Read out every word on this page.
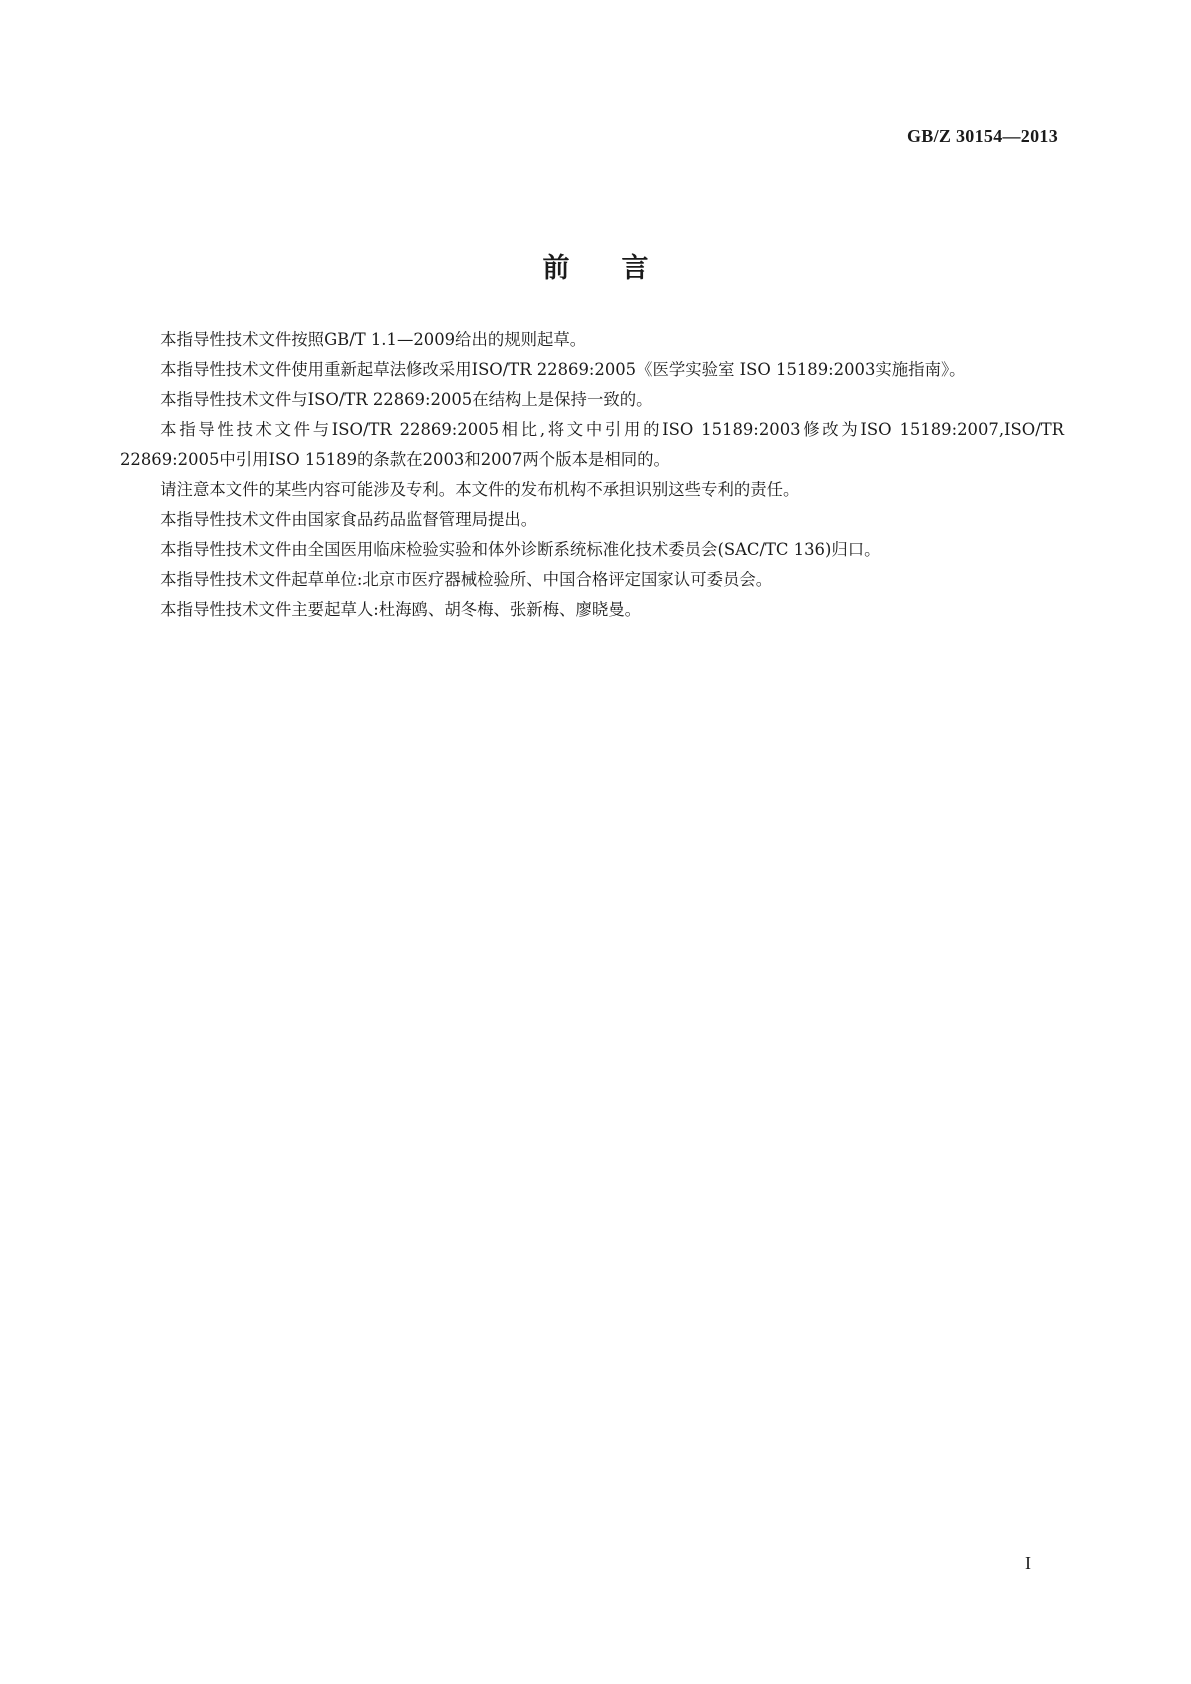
GB/Z 30154—2013
前言

本指导性技术文件按照GB/T 1.1—2009给出的规则起草。

本指导性技术文件使用重新起草法修改采用ISO/TR 22869:2005《医学实验室 ISO 15189:2003实施指南》。

本指导性技术文件与ISO/TR 22869:2005在结构上是保持一致的。

本指导性技术文件与ISO/TR 22869:2005相比,将文中引用的ISO 15189:2003修改为ISO 15189:2007,ISO/TR 22869:2005中引用ISO 15189的条款在2003和2007两个版本是相同的。

请注意本文件的某些内容可能涉及专利。本文件的发布机构不承担识别这些专利的责任。

本指导性技术文件由国家食品药品监督管理局提出。

本指导性技术文件由全国医用临床检验实验和体外诊断系统标准化技术委员会(SAC/TC 136)归口。

本指导性技术文件起草单位:北京市医疗器械检验所、中国合格评定国家认可委员会。

本指导性技术文件主要起草人:杜海鸥、胡冬梅、张新梅、廖晓曼。

I
